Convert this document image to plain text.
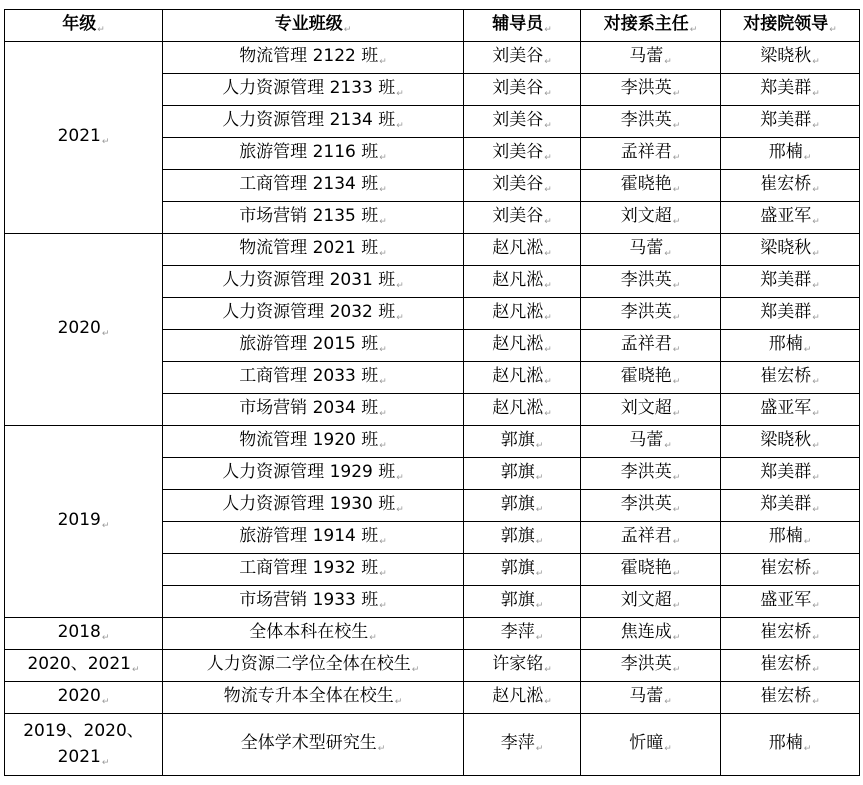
年级↵	专业班级↵	辅导员↵	对接系主任↵	对接院领导↵
2021↵	物流管理 2122 班↵	刘美谷↵	马蕾↵	梁晓秋↵
	人力资源管理 2133 班↵	刘美谷↵	李洪英↵	郑美群↵
	人力资源管理 2134 班↵	刘美谷↵	李洪英↵	郑美群↵
	旅游管理 2116 班↵	刘美谷↵	孟祥君↵	邢楠↵
	工商管理 2134 班↵	刘美谷↵	霍晓艳↵	崔宏桥↵
	市场营销 2135 班↵	刘美谷↵	刘文超↵	盛亚军↵
2020↵	物流管理 2021 班↵	赵凡淞↵	马蕾↵	梁晓秋↵
	人力资源管理 2031 班↵	赵凡淞↵	李洪英↵	郑美群↵
	人力资源管理 2032 班↵	赵凡淞↵	李洪英↵	郑美群↵
	旅游管理 2015 班↵	赵凡淞↵	孟祥君↵	邢楠↵
	工商管理 2033 班↵	赵凡淞↵	霍晓艳↵	崔宏桥↵
	市场营销 2034 班↵	赵凡淞↵	刘文超↵	盛亚军↵
2019↵	物流管理 1920 班↵	郭旗↵	马蕾↵	梁晓秋↵
	人力资源管理 1929 班↵	郭旗↵	李洪英↵	郑美群↵
	人力资源管理 1930 班↵	郭旗↵	李洪英↵	郑美群↵
	旅游管理 1914 班↵	郭旗↵	孟祥君↵	邢楠↵
	工商管理 1932 班↵	郭旗↵	霍晓艳↵	崔宏桥↵
	市场营销 1933 班↵	郭旗↵	刘文超↵	盛亚军↵
2018↵	全体本科在校生↵	李萍↵	焦连成↵	崔宏桥↵
2020、2021↵	人力资源二学位全体在校生↵	许家铭↵	李洪英↵	崔宏桥↵
2020↵	物流专升本全体在校生↵	赵凡淞↵	马蕾↵	崔宏桥↵
2019、2020、2021↵	全体学术型研究生↵	李萍↵	忻曈↵	邢楠↵
